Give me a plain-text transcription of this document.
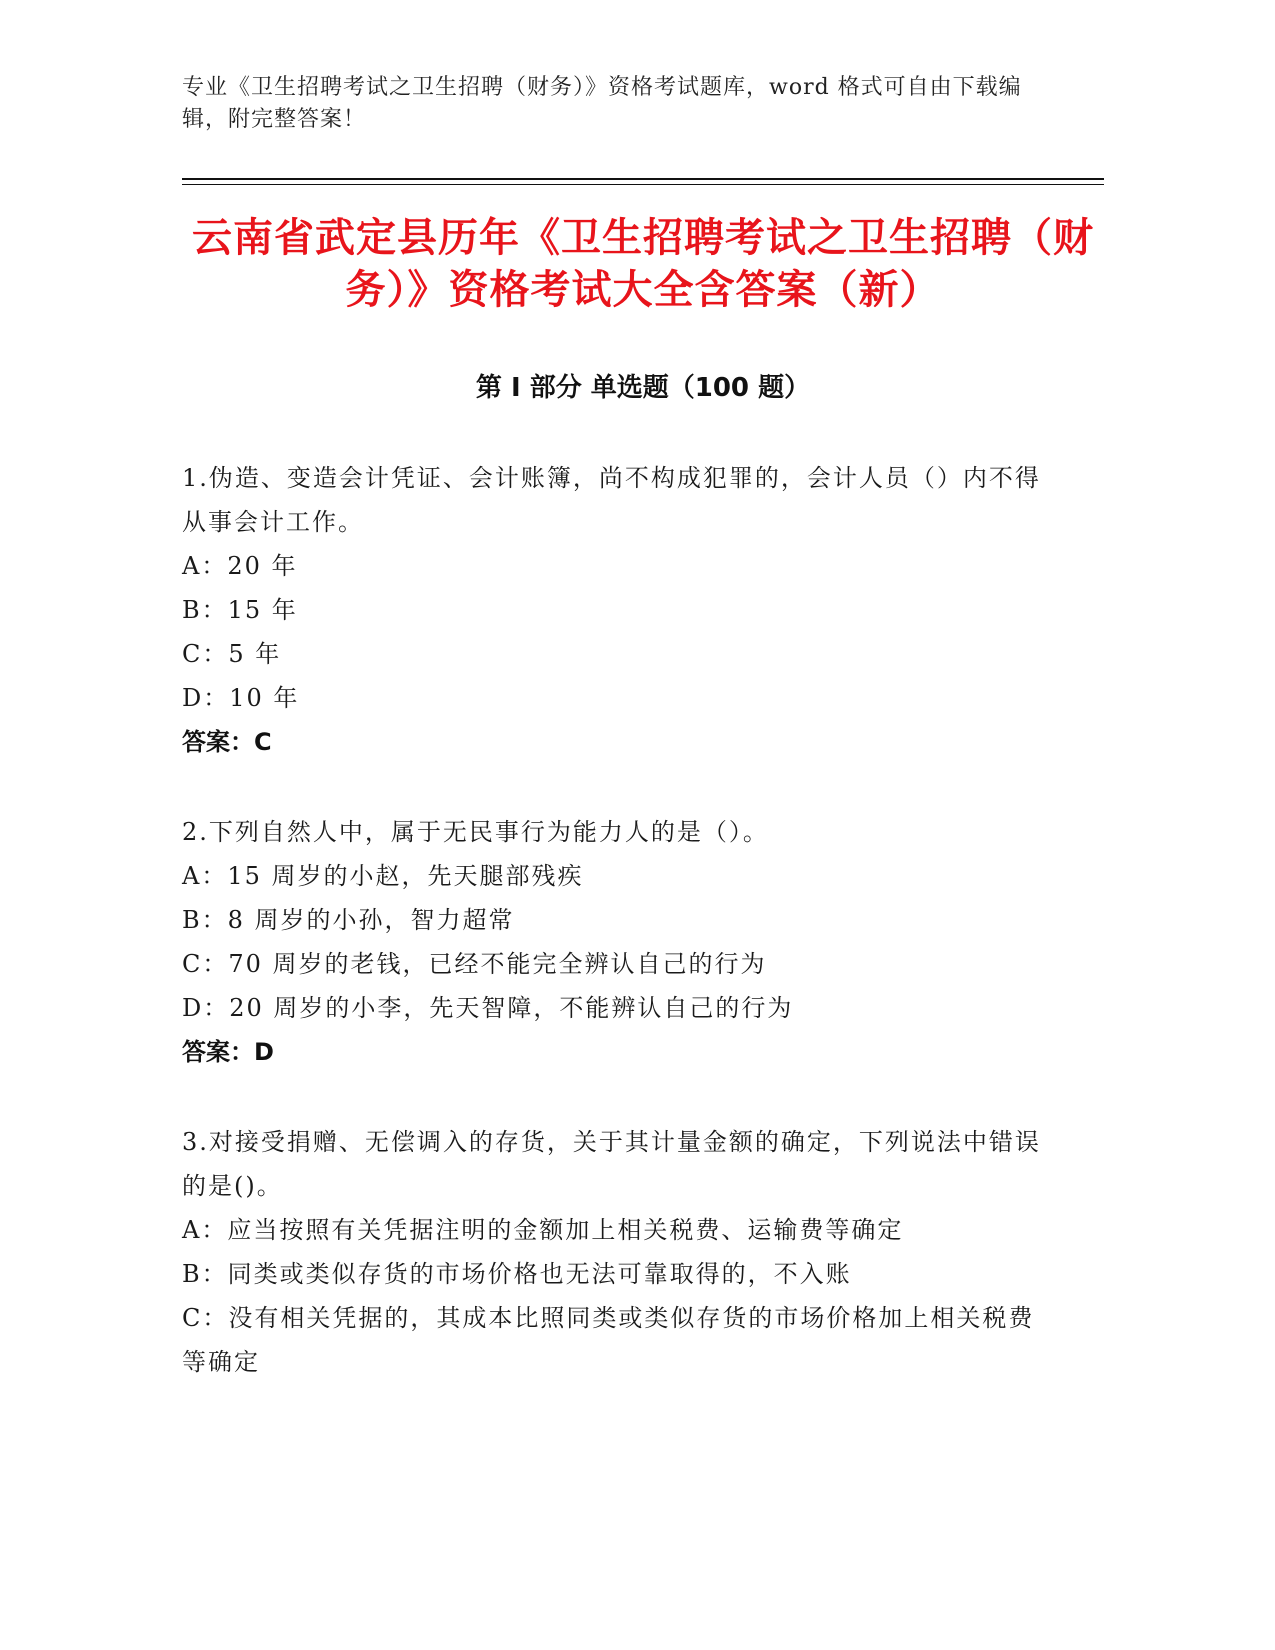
专业《卫生招聘考试之卫生招聘（财务）》资格考试题库，word 格式可自由下载编辑，附完整答案！
云南省武定县历年《卫生招聘考试之卫生招聘（财务）》资格考试大全含答案（新）
第 I 部分 单选题（100 题）
1.伪造、变造会计凭证、会计账簿，尚不构成犯罪的，会计人员（）内不得从事会计工作。
A：20 年
B：15 年
C：5 年
D：10 年
答案：C
2.下列自然人中，属于无民事行为能力人的是（）。
A：15 周岁的小赵，先天腿部残疾
B：8 周岁的小孙，智力超常
C：70 周岁的老钱，已经不能完全辨认自己的行为
D：20 周岁的小李，先天智障，不能辨认自己的行为
答案：D
3.对接受捐赠、无偿调入的存货，关于其计量金额的确定，下列说法中错误的是()。
A：应当按照有关凭据注明的金额加上相关税费、运输费等确定
B：同类或类似存货的市场价格也无法可靠取得的，不入账
C：没有相关凭据的，其成本比照同类或类似存货的市场价格加上相关税费等确定
